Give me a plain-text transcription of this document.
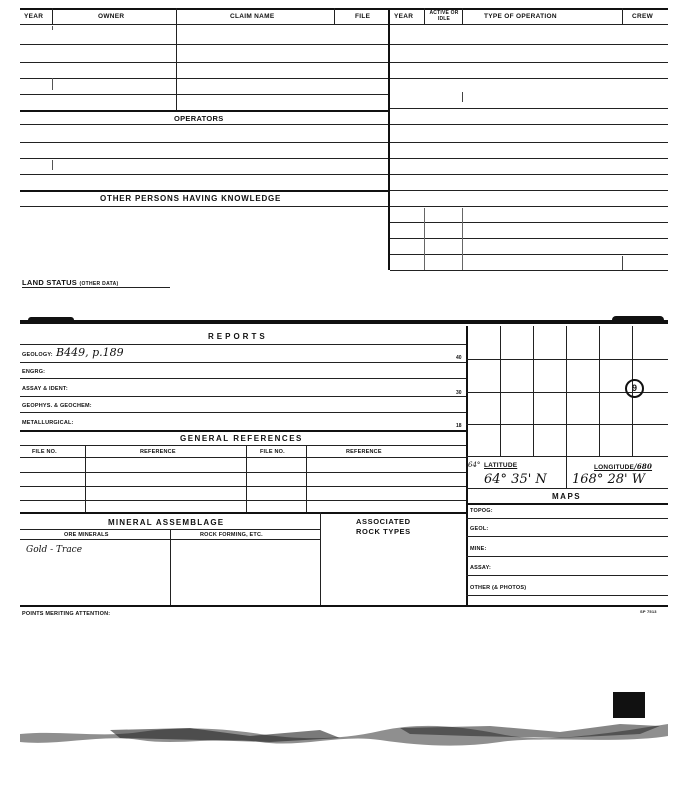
YEAR	OWNER	CLAIM NAME	FILE
OPERATORS
OTHER PERSONS HAVING KNOWLEDGE
YEAR	ACTIVE OR IDLE	TYPE OF OPERATION	CREW
LAND STATUS (OTHER DATA)
REPORTS
GEOLOGY: B449, p.189
ENGRG:
ASSAY & IDENT:
GEOPHYS. & GEOCHEM:
METALLURGICAL:
40
30
18
GENERAL REFERENCES
FILE NO.	REFERENCE	FILE NO.	REFERENCE
MINERAL ASSEMBLAGE
ORE MINERALS	ROCK FORMING, ETC.
ASSOCIATED
ROCK TYPES
Gold - Trace
9
64° LATITUDE	LONGITUDE/680
64° 35' N 168° 28' W
MAPS
TOPOG:
GEOL:
MINE:
ASSAY:
OTHER (& PHOTOS)
POINTS MERITING ATTENTION:	SP 7513
